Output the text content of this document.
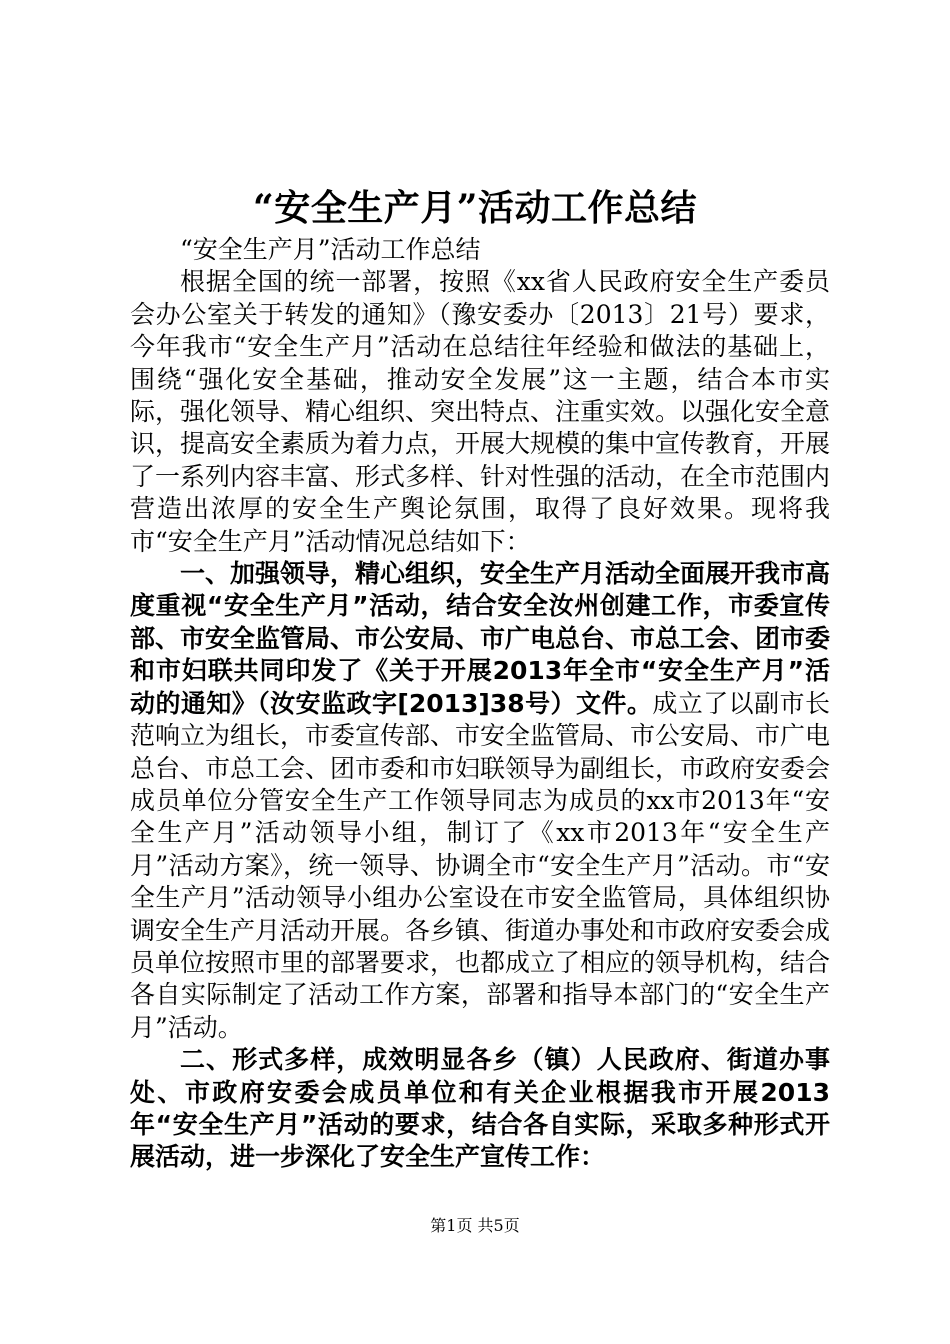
“安全生产月”活动工作总结

“安全生产月”活动工作总结

根据全国的统一部署，按照《xx省人民政府安全生产委员会办公室关于转发的通知》（豫安委办〔2013〕21号）要求，今年我市“安全生产月”活动在总结往年经验和做法的基础上，围绕“强化安全基础，推动安全发展”这一主题，结合本市实际，强化领导、精心组织、突出特点、注重实效。以强化安全意识，提高安全素质为着力点，开展大规模的集中宣传教育，开展了一系列内容丰富、形式多样、针对性强的活动，在全市范围内营造出浓厚的安全生产舆论氛围，取得了良好效果。现将我市“安全生产月”活动情况总结如下：

一、加强领导，精心组织，安全生产月活动全面展开我市高度重视“安全生产月”活动，结合安全汝州创建工作，市委宣传部、市安全监管局、市公安局、市广电总台、市总工会、团市委和市妇联共同印发了《关于开展2013年全市“安全生产月”活动的通知》（汝安监政字[2013]38号）文件。成立了以副市长范响立为组长，市委宣传部、市安全监管局、市公安局、市广电总台、市总工会、团市委和市妇联领导为副组长，市政府安委会成员单位分管安全生产工作领导同志为成员的xx市2013年“安全生产月”活动领导小组，制订了《xx市2013年“安全生产月”活动方案》，统一领导、协调全市“安全生产月”活动。市“安全生产月”活动领导小组办公室设在市安全监管局，具体组织协调安全生产月活动开展。各乡镇、街道办事处和市政府安委会成员单位按照市里的部署要求，也都成立了相应的领导机构，结合各自实际制定了活动工作方案，部署和指导本部门的“安全生产月”活动。

二、形式多样，成效明显各乡（镇）人民政府、街道办事处、市政府安委会成员单位和有关企业根据我市开展2013年“安全生产月”活动的要求，结合各自实际，采取多种形式开展活动，进一步深化了安全生产宣传工作：

第1页 共5页
